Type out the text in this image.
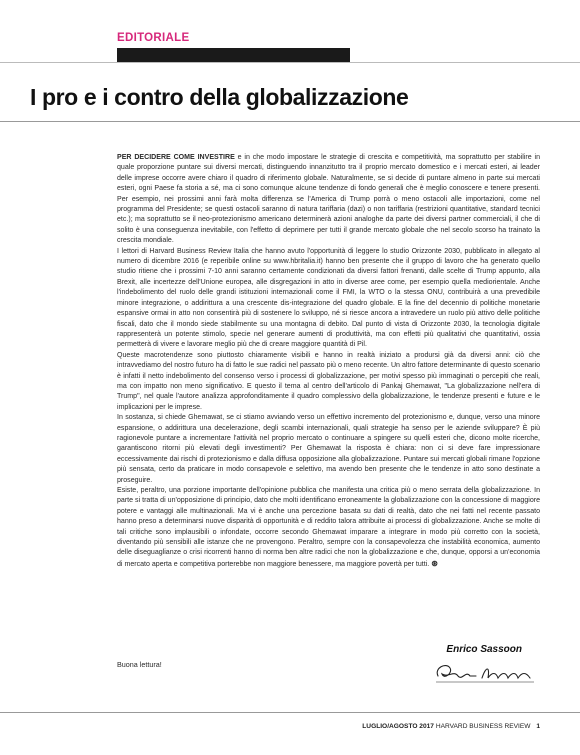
EDITORIALE
I pro e i contro della globalizzazione

PER DECIDERE COME INVESTIRE e in che modo impostare le strategie di crescita e competitività, ma soprattutto per stabilire in quale proporzione puntare sui diversi mercati, distinguendo innanzitutto tra il proprio mercato domestico e i mercati esteri, ai leader delle imprese occorre avere chiaro il quadro di riferimento globale. Naturalmente, se si decide di puntare almeno in parte sui mercati esteri, ogni Paese fa storia a sé, ma ci sono comunque alcune tendenze di fondo generali che è meglio conoscere e tenere presenti. Per esempio, nei prossimi anni farà molta differenza se l'America di Trump porrà o meno ostacoli alle importazioni, come nel programma del Presidente; se questi ostacoli saranno di natura tariffaria (dazi) o non tariffaria (restrizioni quantitative, standard tecnici etc.); ma soprattutto se il neo-protezionismo americano determinerà azioni analoghe da parte dei diversi partner commerciali, il che di solito è una conseguenza inevitabile, con l'effetto di deprimere per tutti il grande mercato globale che nel secolo scorso ha trainato la crescita mondiale.

I lettori di Harvard Business Review Italia che hanno avuto l'opportunità di leggere lo studio Orizzonte 2030, pubblicato in allegato al numero di dicembre 2016 (e reperibile online su www.hbritalia.it) hanno ben presente che il gruppo di lavoro che ha generato quello studio ritiene che i prossimi 7-10 anni saranno certamente condizionati da diversi fattori frenanti, dalle scelte di Trump appunto, alla Brexit, alle incertezze dell'Unione europea, alle disgregazioni in atto in diverse aree come, per esempio quella mediorientale. Anche l'indebolimento del ruolo delle grandi istituzioni internazionali come il FMI, la WTO o la stessa ONU, contribuirà a una prevedibile minore integrazione, o addirittura a una crescente dis-integrazione del quadro globale. E la fine del decennio di politiche monetarie espansive ormai in atto non consentirà più di sostenere lo sviluppo, né si riesce ancora a intravedere un ruolo più attivo delle politiche fiscali, dato che il mondo siede stabilmente su una montagna di debito. Dal punto di vista di Orizzonte 2030, la tecnologia digitale rappresenterà un potente stimolo, specie nel generare aumenti di produttività, ma con effetti più qualitativi che quantitativi, ossia permetterà di vivere e lavorare meglio più che di creare maggiore quantità di Pil.

Queste macrotendenze sono piuttosto chiaramente visibili e hanno in realtà iniziato a prodursi già da diversi anni: ciò che intravvediamo del nostro futuro ha di fatto le sue radici nel passato più o meno recente. Un altro fattore determinante di questo scenario è infatti il netto indebolimento del consenso verso i processi di globalizzazione, per motivi spesso più immaginati o percepiti che reali, ma con impatto non meno significativo. E questo il tema al centro dell'articolo di Pankaj Ghemawat, "La globalizzazione nell'era di Trump", nel quale l'autore analizza approfonditamente il quadro complessivo della globalizzazione, le tendenze presenti e future e le implicazioni per le imprese.

In sostanza, si chiede Ghemawat, se ci stiamo avviando verso un effettivo incremento del protezionismo e, dunque, verso una minore espansione, o addirittura una decelerazione, degli scambi internazionali, quali strategie ha senso per le aziende sviluppare? È più ragionevole puntare a incrementare l'attività nel proprio mercato o continuare a spingere su quelli esteri che, dicono molte ricerche, garantiscono ritorni più elevati degli investimenti? Per Ghemawat la risposta è chiara: non ci si deve fare impressionare eccessivamente dai rischi di protezionismo e dalla diffusa opposizione alla globalizzazione. Puntare sui mercati globali rimane l'opzione più sensata, certo da praticare in modo consapevole e selettivo, ma avendo ben presente che le tendenze in atto sono destinate a proseguire.

Esiste, peraltro, una porzione importante dell'opinione pubblica che manifesta una critica più o meno serrata della globalizzazione. In parte si tratta di un'opposizione di principio, dato che molti identificano erroneamente la globalizzazione con la concessione di maggiore potere e vantaggi alle multinazionali. Ma vi è anche una percezione basata su dati di realtà, dato che nei fatti nel recente passato hanno preso a determinarsi nuove disparità di opportunità e di reddito talora attribuite ai processi di globalizzazione. Anche se molte di tali critiche sono implausibili o infondate, occorre secondo Ghemawat imparare a integrare in modo più corretto con la società, diventando più sensibili alle istanze che ne provengono. Peraltro, sempre con la consapevolezza che instabilità economica, aumento delle diseguaglianze o crisi ricorrenti hanno di norma ben altre radici che non la globalizzazione e che, dunque, opporsi a un'economia di mercato aperta e competitiva porterebbe non maggiore benessere, ma maggiore povertà per tutti. ⊛

Buona lettura!
Enrico Sassoon
LUGLIO/AGOSTO 2017 HARVARD BUSINESS REVIEW 1
